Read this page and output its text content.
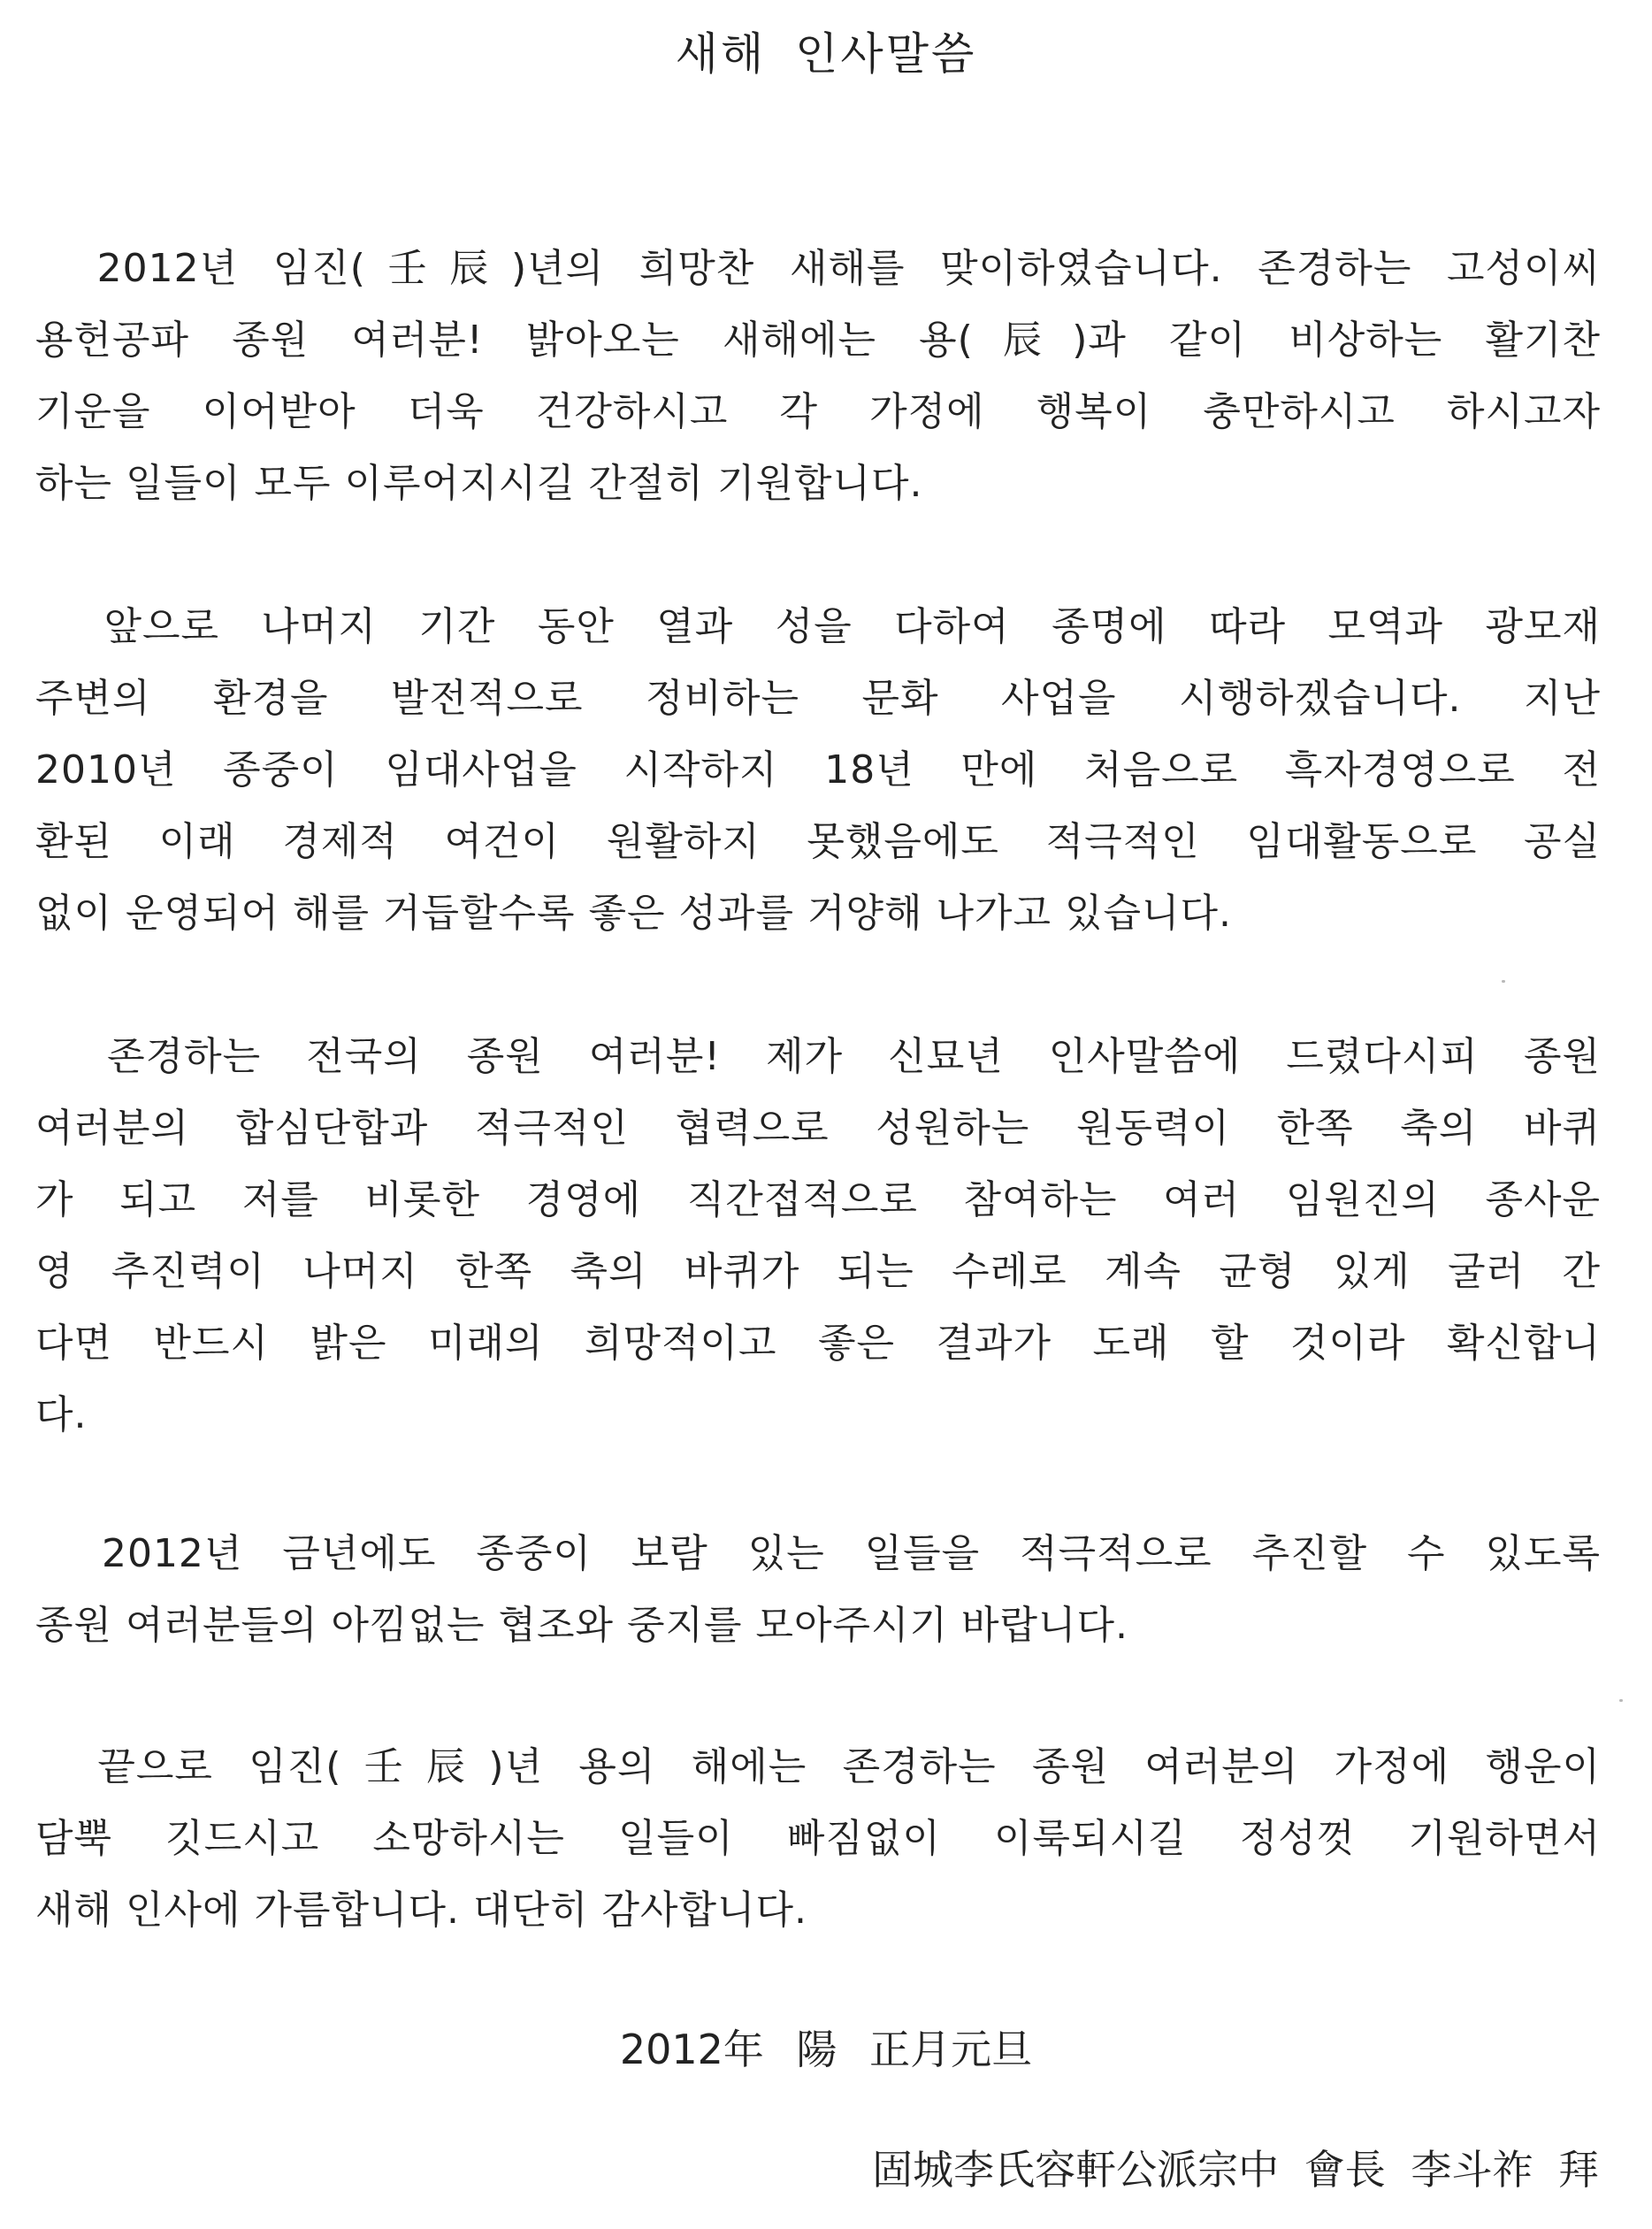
새해 인사말씀
　2012년 임진(壬辰)년의 희망찬 새해를 맞이하였습니다. 존경하는 고성이씨
용헌공파 종원 여러분! 밝아오는 새해에는 용(辰)과 같이 비상하는 활기찬
기운을 이어받아 더욱 건강하시고 각 가정에 행복이 충만하시고 하시고자
하는 일들이 모두 이루어지시길 간절히 기원합니다.
　앞으로 나머지 기간 동안 열과 성을 다하여 종명에 따라 모역과 광모재
주변의 환경을 발전적으로 정비하는 문화 사업을 시행하겠습니다. 지난
2010년 종중이 임대사업을 시작하지 18년 만에 처음으로 흑자경영으로 전
환된 이래 경제적 여건이 원활하지 못했음에도 적극적인 임대활동으로 공실
없이 운영되어 해를 거듭할수록 좋은 성과를 거양해 나가고 있습니다.
　존경하는 전국의 종원 여러분! 제가 신묘년 인사말씀에 드렸다시피 종원
여러분의 합심단합과 적극적인 협력으로 성원하는 원동력이 한쪽 축의 바퀴
가 되고 저를 비롯한 경영에 직간접적으로 참여하는 여러 임원진의 종사운
영 추진력이 나머지 한쪽 축의 바퀴가 되는 수레로 계속 균형 있게 굴러 간
다면 반드시 밝은 미래의 희망적이고 좋은 결과가 도래 할 것이라 확신합니
다.
　2012년 금년에도 종중이 보람 있는 일들을 적극적으로 추진할 수 있도록
종원 여러분들의 아낌없는 협조와 중지를 모아주시기 바랍니다.
　끝으로 임진(壬辰)년 용의 해에는 존경하는 종원 여러분의 가정에 행운이
담뿍 깃드시고 소망하시는 일들이 빠짐없이 이룩되시길 정성껏 기원하면서
새해 인사에 가름합니다. 대단히 감사합니다.
2012年 陽 正月元旦
固城李氏容軒公派宗中 會長 李斗祚 拜
